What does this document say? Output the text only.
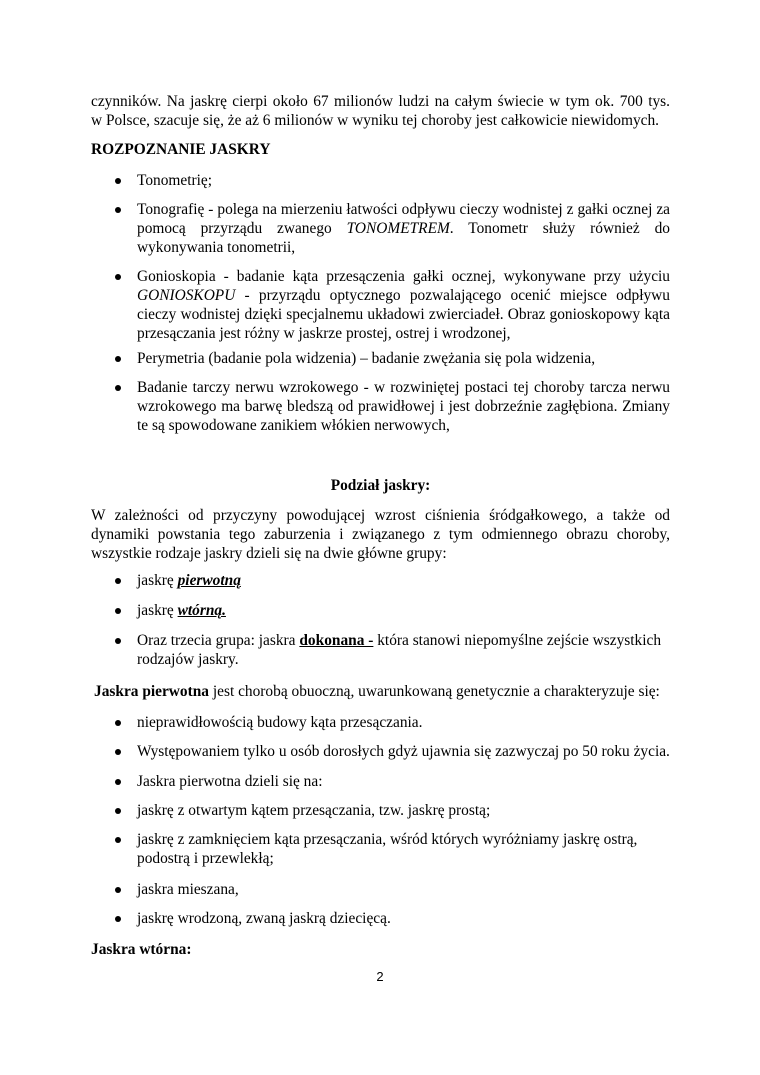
czynników. Na jaskrę cierpi około 67 milionów ludzi na całym świecie w tym ok. 700 tys.

w Polsce, szacuje się, że aż 6 milionów w wyniku tej choroby jest całkowicie niewidomych.

ROZPOZNANIE JASKRY

Tonometrię;
Tonografię - polega na mierzeniu łatwości odpływu cieczy wodnistej z gałki ocznej za
pomocą przyrządu zwanego TONOMETREM. Tonometr służy również do
wykonywania tonometrii,
Gonioskopia - badanie kąta przesączenia gałki ocznej, wykonywane przy użyciu
GONIOSKOPU - przyrządu optycznego pozwalającego ocenić miejsce odpływu
cieczy wodnistej dzięki specjalnemu układowi zwierciadeł. Obraz gonioskopowy kąta
przesączania jest różny w jaskrze prostej, ostrej i wrodzonej,
Perymetria (badanie pola widzenia) – badanie zwężania się pola widzenia,
Badanie tarczy nerwu wzrokowego - w rozwiniętej postaci tej choroby tarcza nerwu
wzrokowego ma barwę bledszą od prawidłowej i jest dobrzeźnie zagłębiona. Zmiany
te są spowodowane zanikiem włókien nerwowych,

Podział jaskry:

W zależności od przyczyny powodującej wzrost ciśnienia śródgałkowego, a także od

dynamiki powstania tego zaburzenia i związanego z tym odmiennego obrazu choroby,

wszystkie rodzaje jaskry dzieli się na dwie główne grupy:

jaskrę pierwotną
jaskrę wtórną.
Oraz trzecia grupa: jaskra dokonana - która stanowi niepomyślne zejście wszystkich
rodzajów jaskry.

Jaskra pierwotna jest chorobą obuoczną, uwarunkowaną genetycznie a charakteryzuje się:

nieprawidłowością budowy kąta przesączania.
Występowaniem tylko u osób dorosłych gdyż ujawnia się zazwyczaj po 50 roku życia.
Jaskra pierwotna dzieli się na:
jaskrę z otwartym kątem przesączania, tzw. jaskrę prostą;
jaskrę z zamknięciem kąta przesączania, wśród których wyróżniamy jaskrę ostrą,
podostrą i przewlekłą;
jaskra mieszana,
jaskrę wrodzoną, zwaną jaskrą dziecięcą.

Jaskra wtórna:

2
